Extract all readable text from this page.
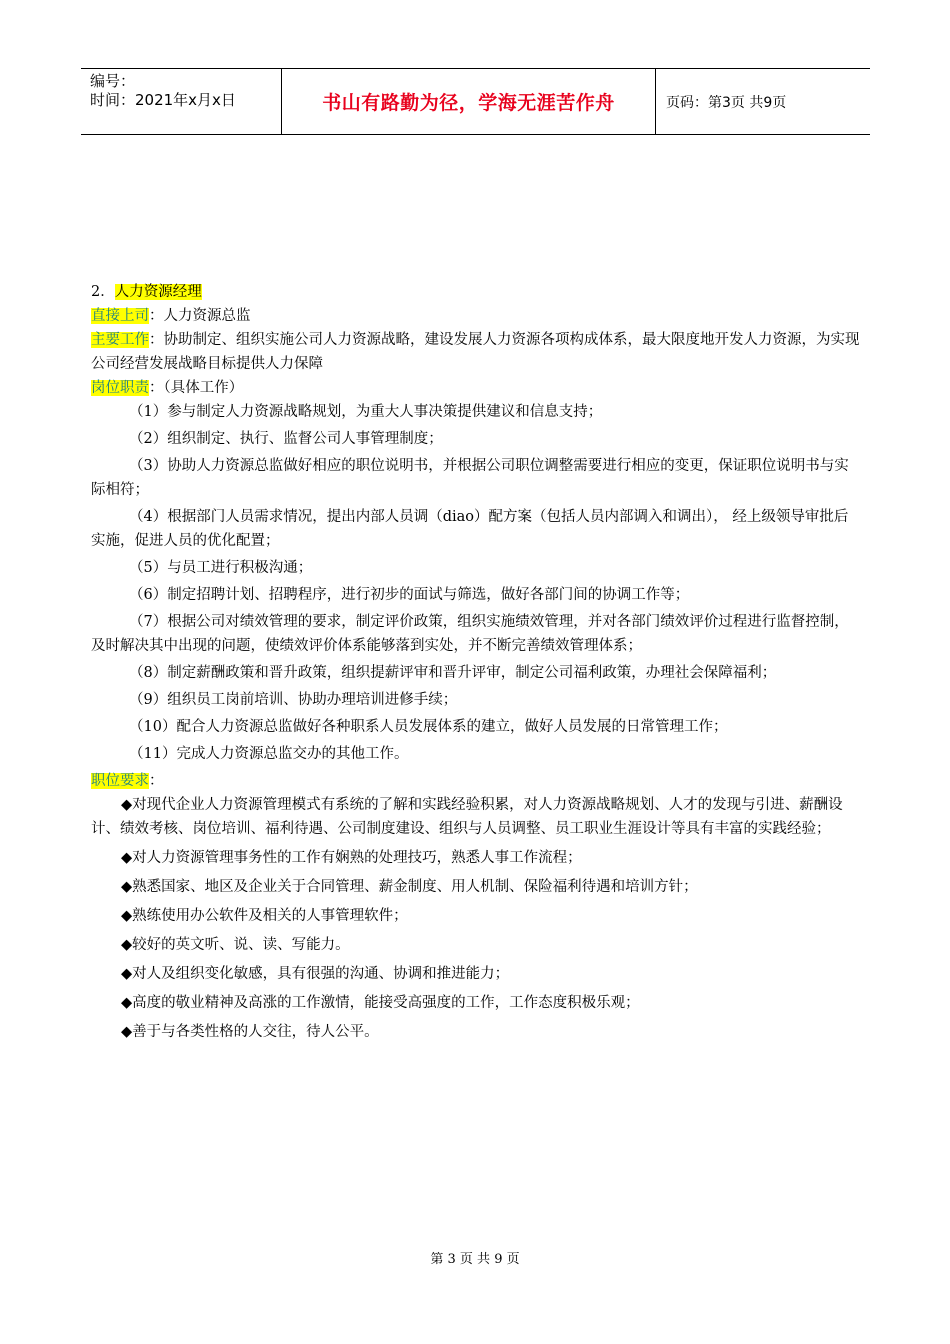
编号：
时间：2021年x月x日	书山有路勤为径，学海无涯苦作舟	页码：第3页 共9页

2．人力资源经理

直接上司：人力资源总监

主要工作：协助制定、组织实施公司人力资源战略，建设发展人力资源各项构成体系，最大限度地开发人力资源，为实现公司经营发展战略目标提供人力保障

岗位职责：（具体工作）

（1）参与制定人力资源战略规划，为重大人事决策提供建议和信息支持；

（2）组织制定、执行、监督公司人事管理制度；

（3）协助人力资源总监做好相应的职位说明书，并根据公司职位调整需要进行相应的变更，保证职位说明书与实际相符；

（4）根据部门人员需求情况，提出内部人员调（diao）配方案（包括人员内部调入和调出）， 经上级领导审批后实施，促进人员的优化配置；

（5）与员工进行积极沟通；

（6）制定招聘计划、招聘程序，进行初步的面试与筛选，做好各部门间的协调工作等；

（7）根据公司对绩效管理的要求，制定评价政策，组织实施绩效管理，并对各部门绩效评价过程进行监督控制，及时解决其中出现的问题，使绩效评价体系能够落到实处，并不断完善绩效管理体系；

（8）制定薪酬政策和晋升政策，组织提薪评审和晋升评审，制定公司福利政策，办理社会保障福利；

（9）组织员工岗前培训、协助办理培训进修手续；

（10）配合人力资源总监做好各种职系人员发展体系的建立，做好人员发展的日常管理工作；

（11）完成人力资源总监交办的其他工作。

职位要求：

◆对现代企业人力资源管理模式有系统的了解和实践经验积累，对人力资源战略规划、人才的发现与引进、薪酬设计、绩效考核、岗位培训、福利待遇、公司制度建设、组织与人员调整、员工职业生涯设计等具有丰富的实践经验；

◆对人力资源管理事务性的工作有娴熟的处理技巧，熟悉人事工作流程；

◆熟悉国家、地区及企业关于合同管理、薪金制度、用人机制、保险福利待遇和培训方针；

◆熟练使用办公软件及相关的人事管理软件；

◆较好的英文听、说、读、写能力。

◆对人及组织变化敏感，具有很强的沟通、协调和推进能力；

◆高度的敬业精神及高涨的工作激情，能接受高强度的工作，工作态度积极乐观；

◆善于与各类性格的人交往，待人公平。

第 3 页 共 9 页
